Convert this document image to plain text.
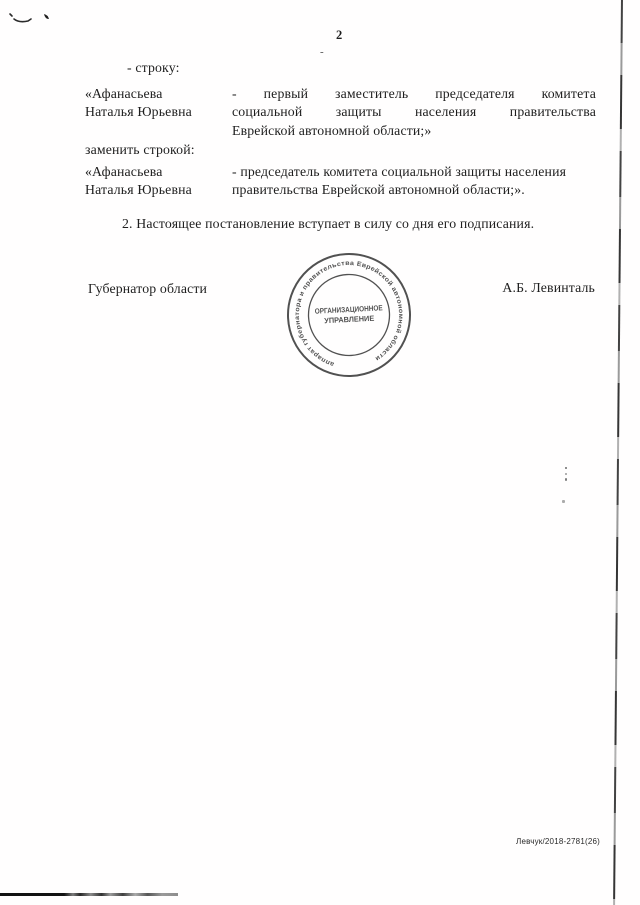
2
-
- строку:
«Афанасьева
Наталья Юрьевна
- первый заместитель председателя комитета
социальной защиты населения правительства
Еврейской автономной области;»
заменить строкой:
«Афанасьева
Наталья Юрьевна
- председатель комитета социальной защиты населения
правительства Еврейской автономной области;».
2. Настоящее постановление вступает в силу со дня его подписания.
Губернатор области	А.Б. Левинталь
аппарат губернатора и правительства Еврейской автономной области
ОРГАНИЗАЦИОННОЕ
УПРАВЛЕНИЕ
Левчук/2018-2781(26)
